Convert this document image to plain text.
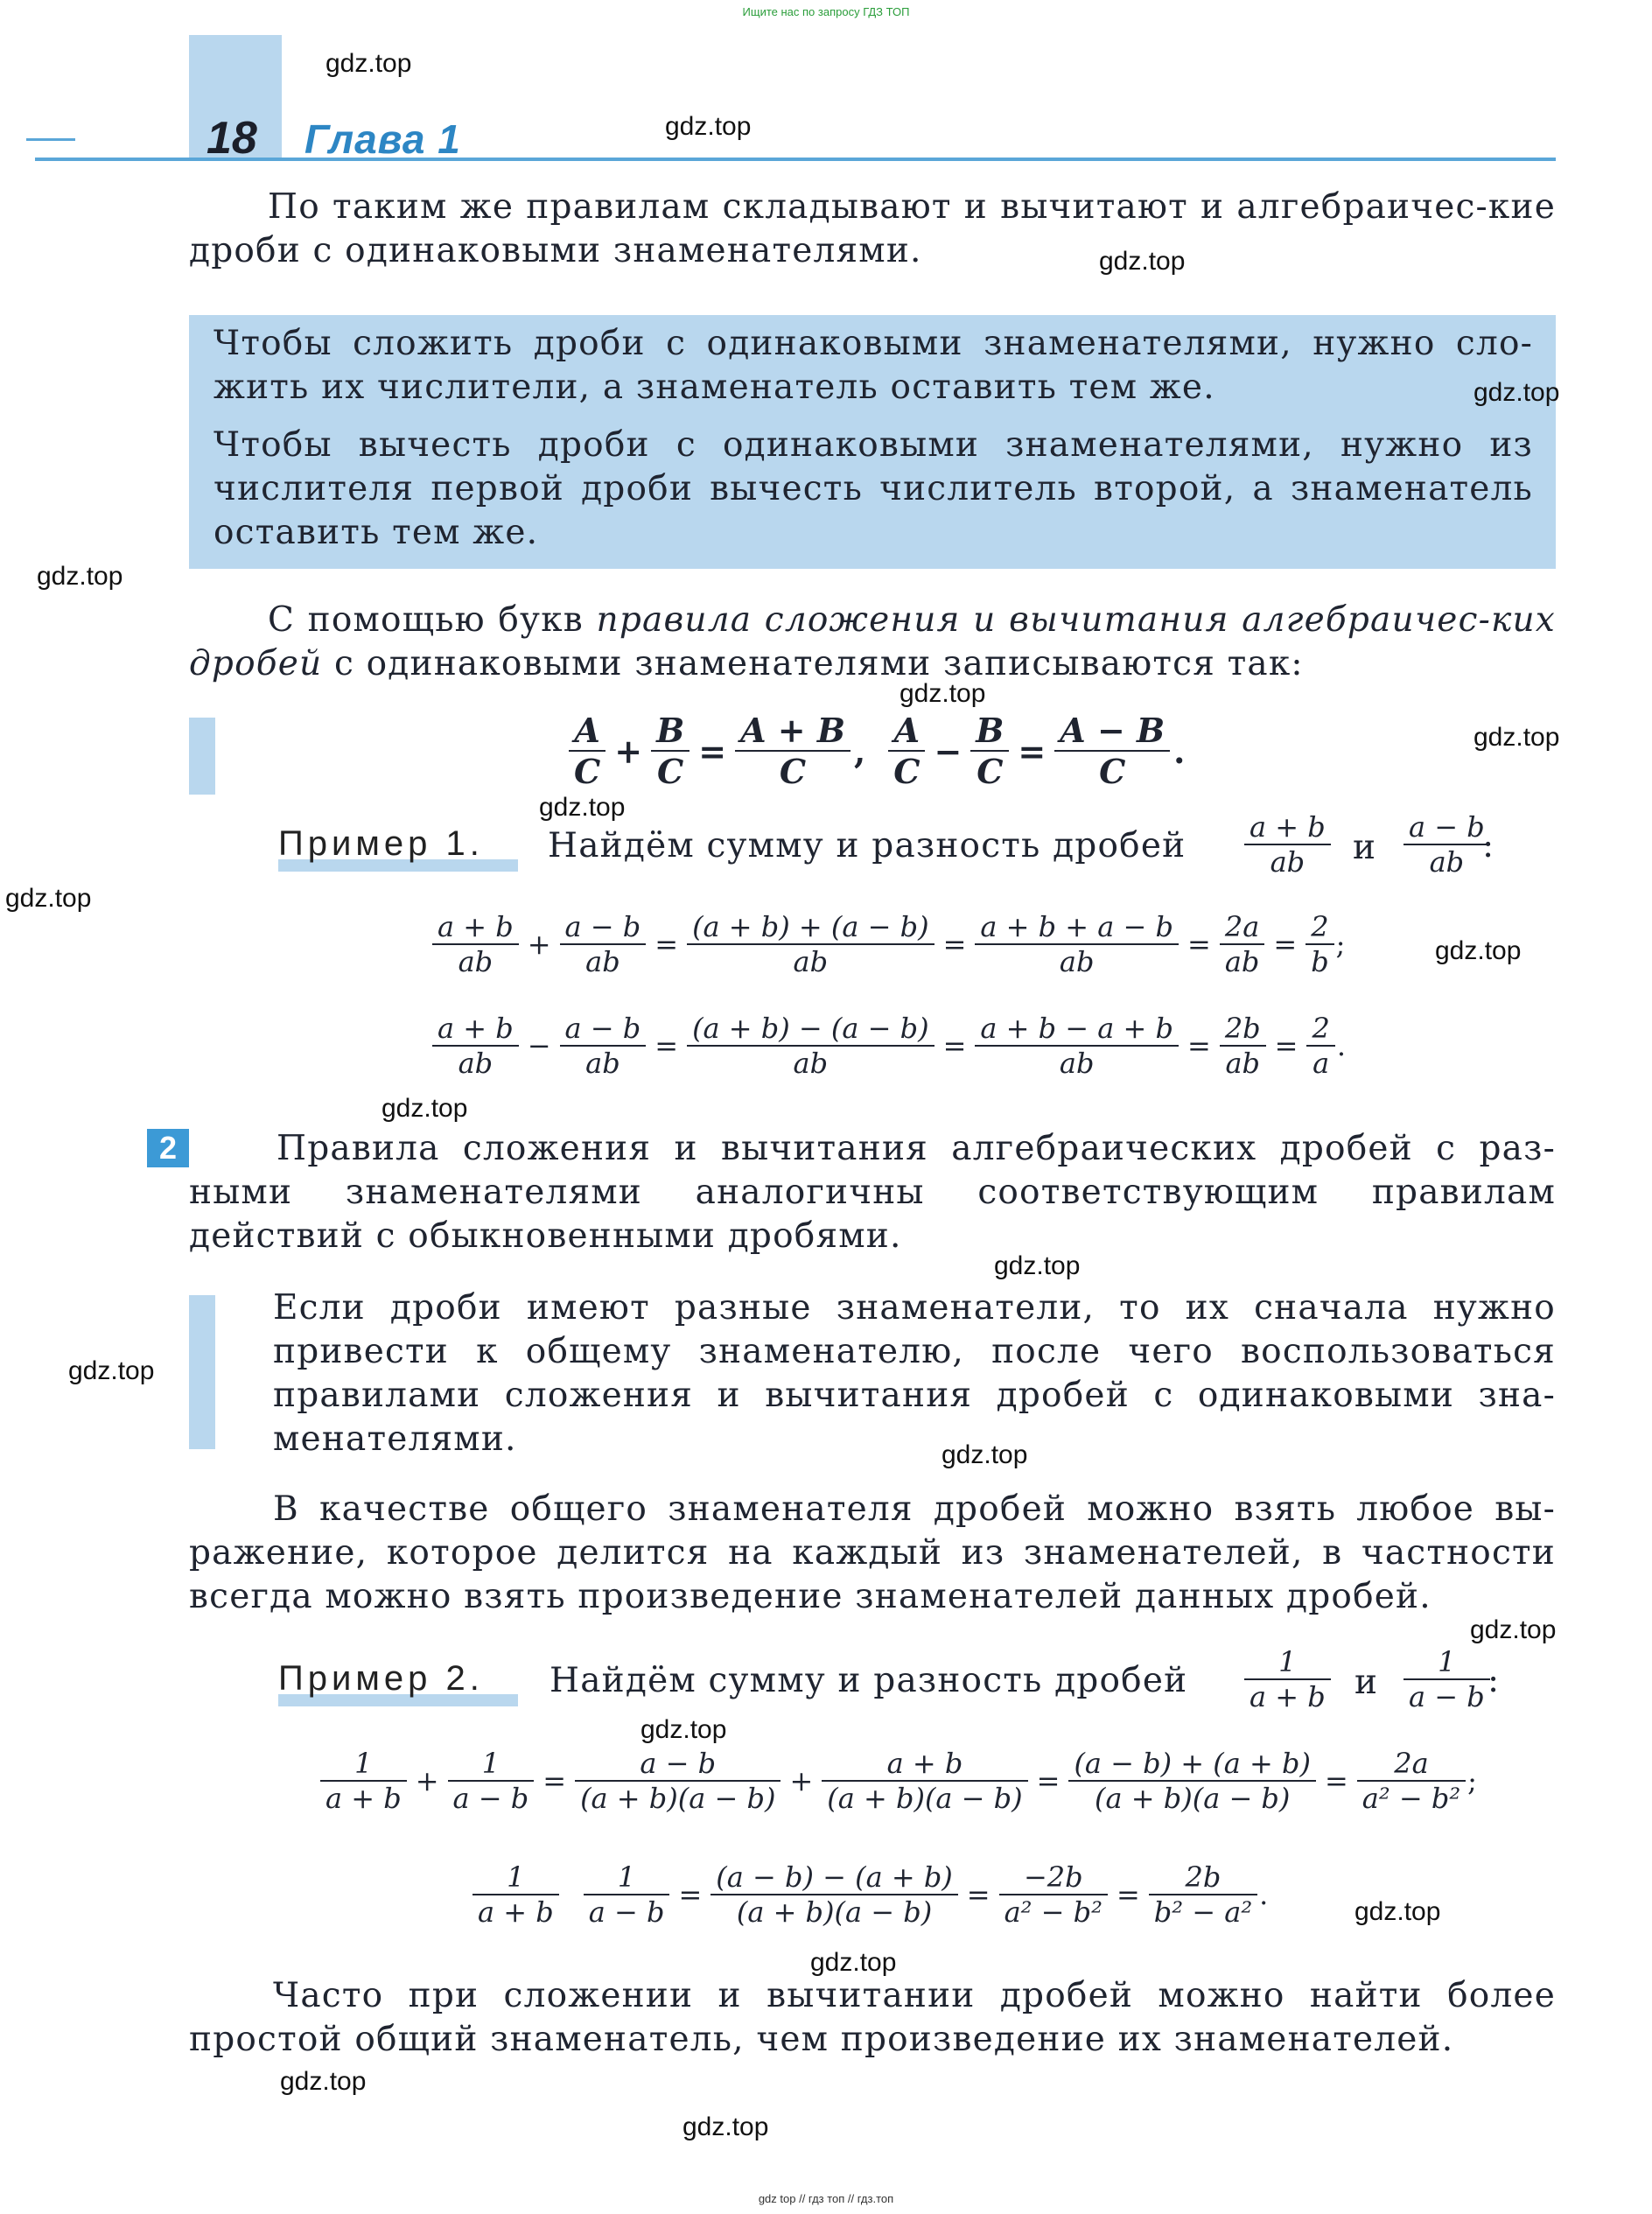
Ищите нас по запросу ГДЗ ТОП
gdz top // гдз топ // гдз.топ
18 Глава 1
По таким же правилам складывают и вычитают и алгебраичес-кие дроби с одинаковыми знаменателями.
Чтобы сложить дроби с одинаковыми знаменателями, нужно сло-жить их числители, а знаменатель оставить тем же.
Чтобы вычесть дроби с одинаковыми знаменателями, нужно из числителя первой дроби вычесть числитель второй, а знаменатель оставить тем же.
С помощью букв правила сложения и вычитания алгебраичес-ких дробей с одинаковыми знаменателями записываются так:
$\frac{A}{C} + \frac{B}{C} = \frac{A + B}{C}$ , $\frac{A}{C} - \frac{B}{C} = \frac{A - B}{C}$ .
Пример 1. Найдём сумму и разность дробей $\frac{a + b}{ab}$ и $\frac{a - b}{ab}$
:
$\frac{a + b}{ab} + \frac{a - b}{ab} = \frac{(a + b) + (a - b)}{ab} = \frac{a + b + a - b}{ab} = \frac{2a}{ab} = \frac{2}{b}$ ;
$\frac{a + b}{ab} - \frac{a - b}{ab} = \frac{(a + b) - (a - b)}{ab} = \frac{a + b - a + b}{ab} = \frac{2b}{ab} = \frac{2}{a}$ .
2	Правила сложения и вычитания алгебраических дробей с раз-ными знаменателями аналогичны соответствующим правилам действий с обыкновенными дробями.
Если дроби имеют разные знаменатели, то их сначала нужно привести к общему знаменателю, после чего воспользоваться правилами сложения и вычитания дробей с одинаковыми зна-менателями.
В качестве общего знаменателя дробей можно взять любое вы-ражение, которое делится на каждый из знаменателей, в частности всегда можно взять произведение знаменателей данных дробей.
Пример 2. Найдём сумму и разность дробей $\frac{1}{a + b}$ и $\frac{1}{a - b}$
:
$\frac{1}{a + b} + \frac{1}{a - b} = \frac{a - b}{(a + b)(a - b)} + \frac{a + b}{(a + b)(a - b)} = \frac{(a - b) + (a + b)}{(a + b)(a - b)} = \frac{2a}{\text{a² − b²}}$ ;
$\frac{1}{a + b} \frac{1}{a - b} = \frac{(a - b) - (a + b)}{(a + b)(a - b)} = \frac{-2b}{\text{a² − b²}} = \frac{2b}{\text{b² − a²}}$ .
Часто при сложении и вычитании дробей можно найти более простой общий знаменатель, чем произведение их знаменателей.
gdz.top
gdz.top
gdz.top
gdz.top
gdz.top
gdz.top
gdz.top
gdz.top
gdz.top
gdz.top
gdz.top
gdz.top
gdz.top
gdz.top
gdz.top
gdz.top
gdz.top
gdz.top
gdz.top
gdz.top
